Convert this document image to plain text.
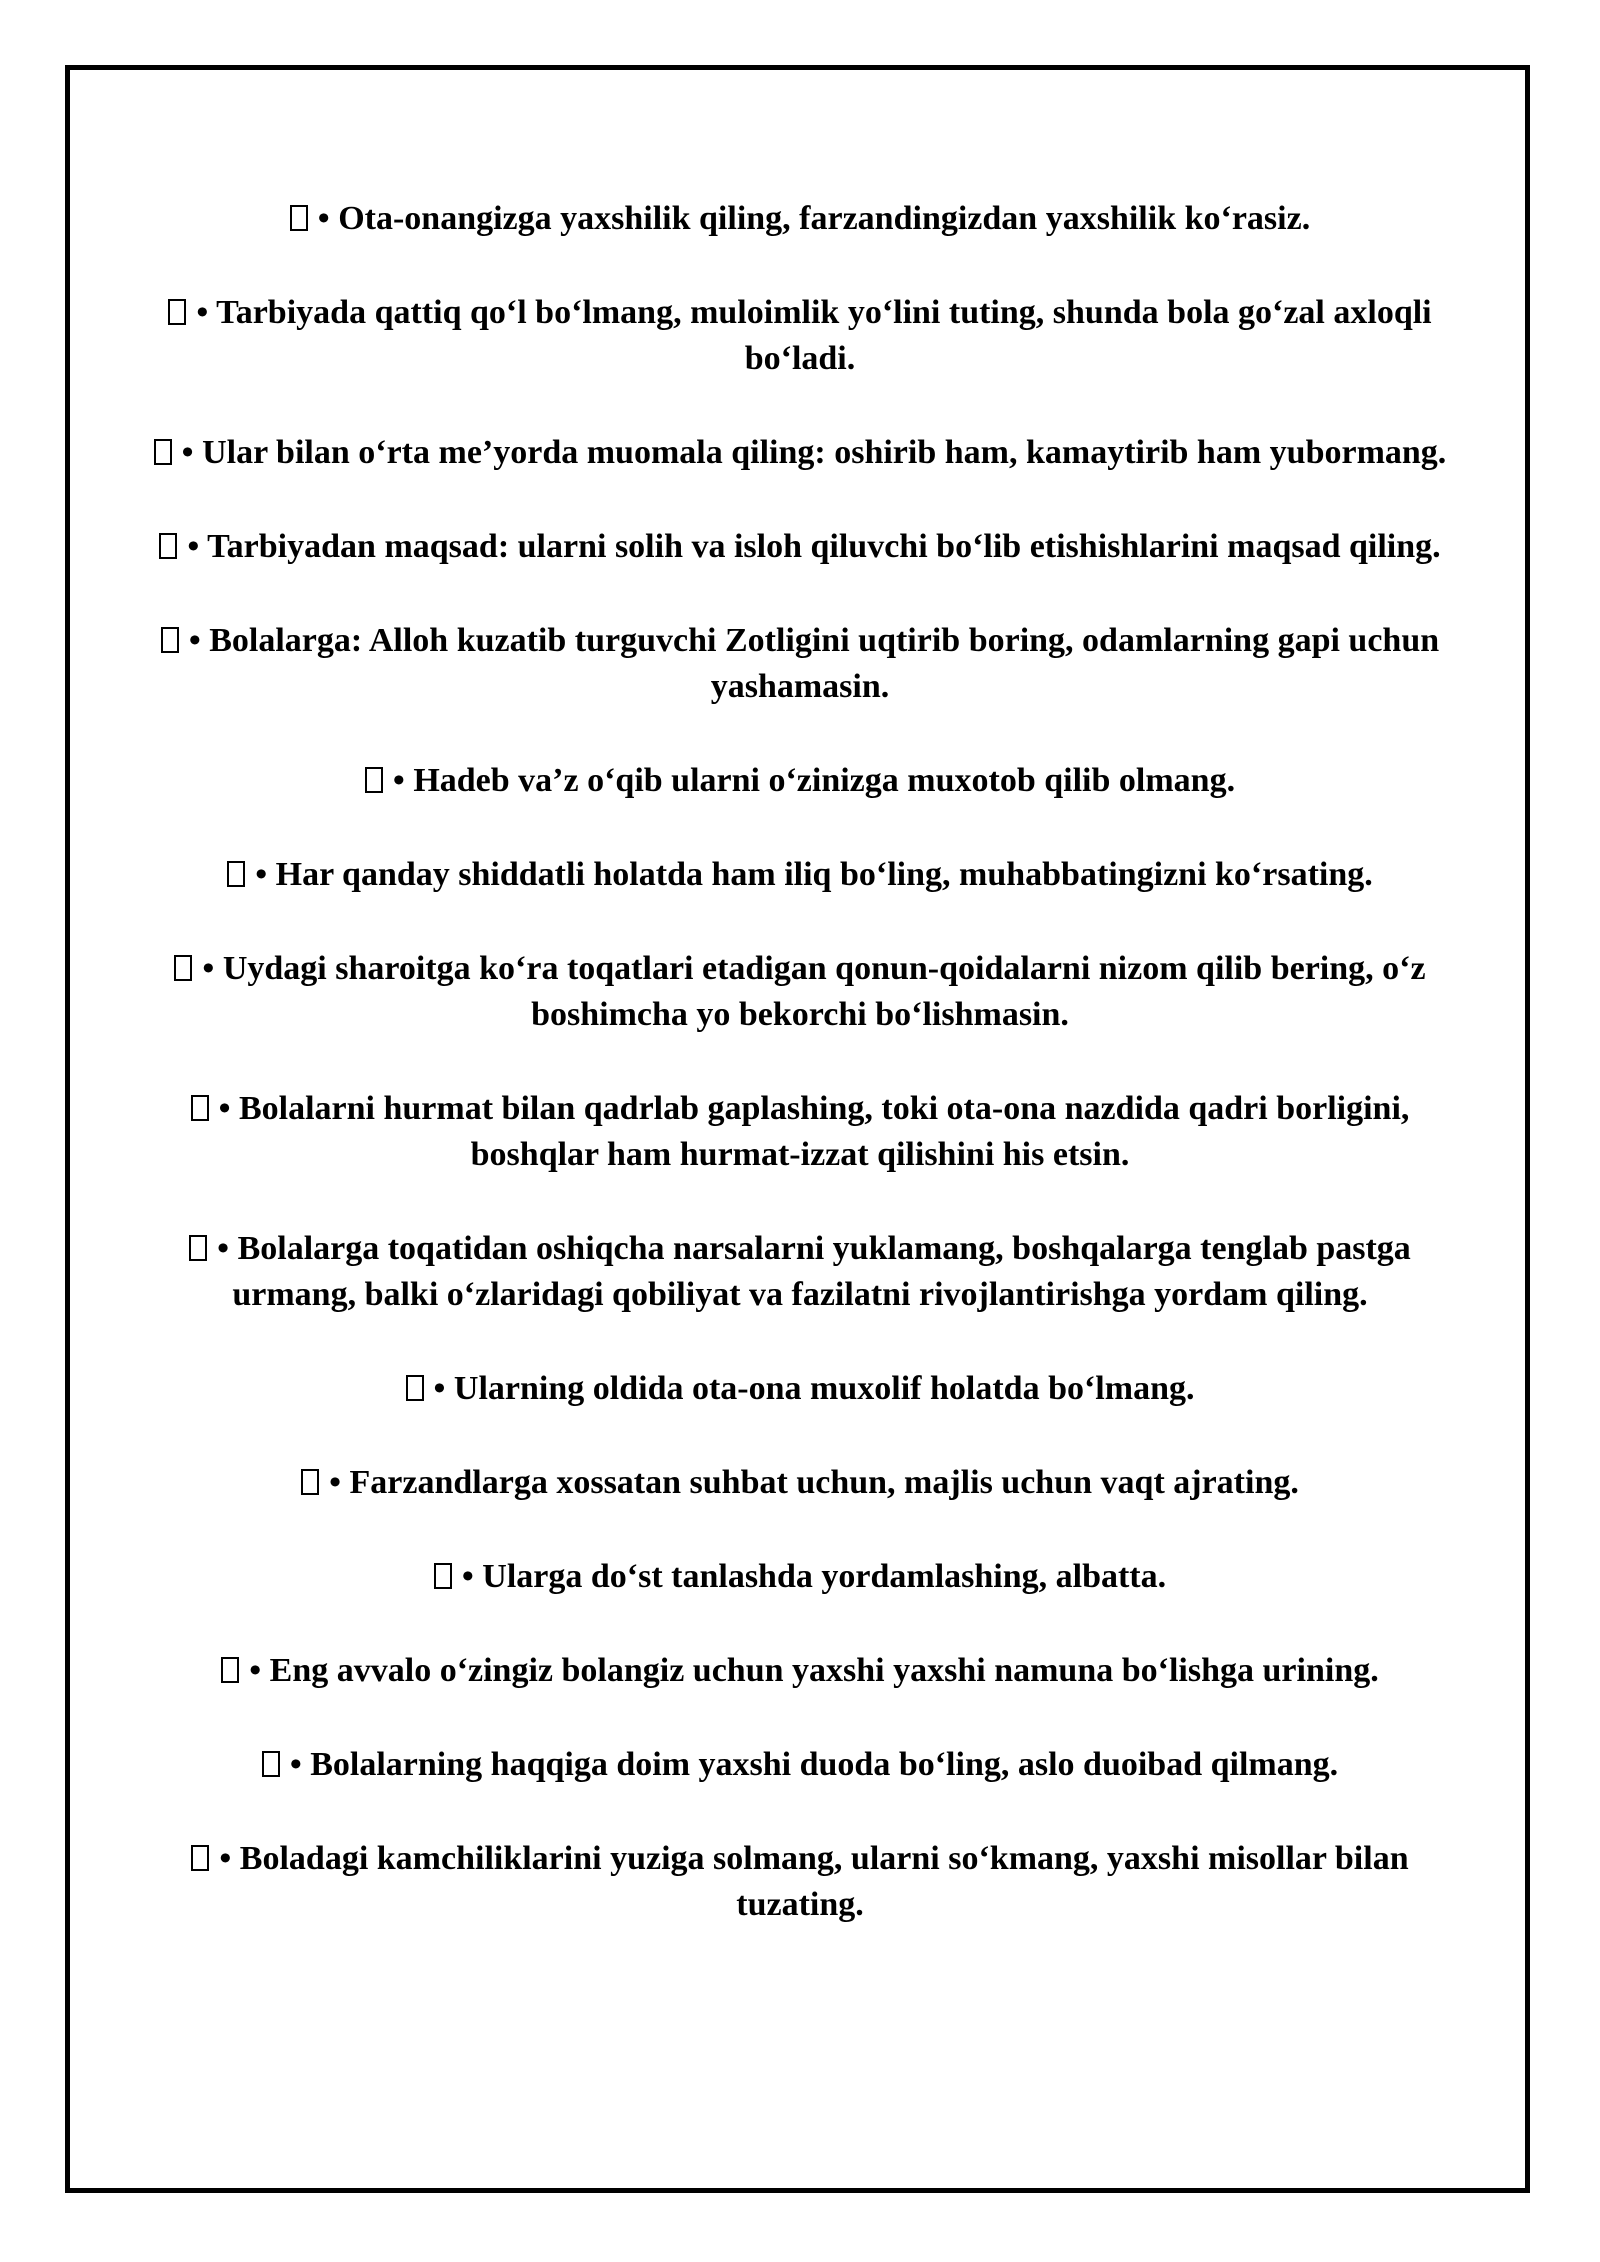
• Ota-onangizga yaxshilik qiling, farzandingizdan yaxshilik ko‘rasiz.

• Tarbiyada qattiq qo‘l bo‘lmang, muloimlik yo‘lini tuting, shunda bola go‘zal axloqli bo‘ladi.

• Ular bilan o‘rta me’yorda muomala qiling: oshirib ham, kamaytirib ham yubormang.

• Tarbiyadan maqsad: ularni solih va isloh qiluvchi bo‘lib etishishlarini maqsad qiling.

• Bolalarga: Alloh kuzatib turguvchi Zotligini uqtirib boring, odamlarning gapi uchun yashamasin.

• Hadeb va’z o‘qib ularni o‘zinizga muxotob qilib olmang.

• Har qanday shiddatli holatda ham iliq bo‘ling, muhabbatingizni ko‘rsating.

• Uydagi sharoitga ko‘ra toqatlari etadigan qonun-qoidalarni nizom qilib bering, o‘z boshimcha yo bekorchi bo‘lishmasin.

• Bolalarni hurmat bilan qadrlab gaplashing, toki ota-ona nazdida qadri borligini, boshqlar ham hurmat-izzat qilishini his etsin.

• Bolalarga toqatidan oshiqcha narsalarni yuklamang, boshqalarga tenglab pastga urmang, balki o‘zlaridagi qobiliyat va fazilatni rivojlantirishga yordam qiling.

• Ularning oldida ota-ona muxolif holatda bo‘lmang.

• Farzandlarga xossatan suhbat uchun, majlis uchun vaqt ajrating.

• Ularga do‘st tanlashda yordamlashing, albatta.

• Eng avvalo o‘zingiz bolangiz uchun yaxshi yaxshi namuna bo‘lishga urining.

• Bolalarning haqqiga doim yaxshi duoda bo‘ling, aslo duoibad qilmang.

• Boladagi kamchiliklarini yuziga solmang, ularni so‘kmang, yaxshi misollar bilan tuzating.
